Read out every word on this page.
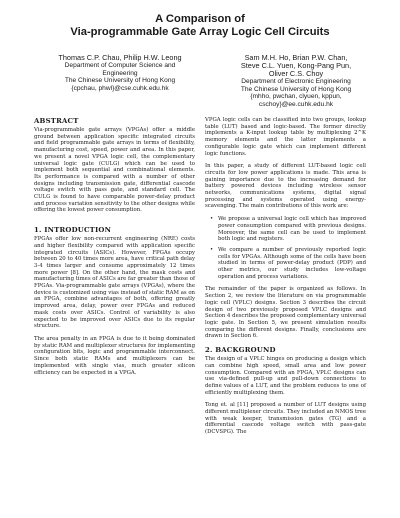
A Comparison of
Via-programmable Gate Array Logic Cell Circuits
Thomas C.P. Chau, Philip H.W. Leong
Department of Computer Science and
Engineering
The Chinese University of Hong Kong
{cpchau, phwl}@cse.cuhk.edu.hk
Sam M.H. Ho, Brian P.W. Chan,
Steve C.L. Yuen, Kong-Pang Pun,
Oliver C.S. Choy
Department of Electronic Engineering
The Chinese University of Hong Kong
{mhho, pwchan, clyuen, kppun,
cschoy}@ee.cuhk.edu.hk
ABSTRACT

Via-programmable gate arrays (VPGAs) offer a middle ground between application specific integrated circuits and field programmable gate arrays in terms of flexibility, manufacturing cost, speed, power and area. In this paper, we present a novel VPGA logic cell, the complementary universal logic gate (CULG) which can be used to implement both sequential and combinational elements. Its performance is compared with a number of other designs including transmission gate, differential cascode voltage switch with pass gate, and standard cell. The CULG is found to have comparable power-delay product and process variation sensitivity to the other designs while offering the lowest power consumption.

1. INTRODUCTION

FPGAs offer low non-recurrent engineering (NRE) costs and higher flexibility compared with application specific integrated circuits (ASICs). However, FPGAs occupy between 20 to 40 times more area, have critical path delay 3-4 times larger and consume approximately 12 times more power [8]. On the other hand, the mask costs and manufacturing times of ASICs are far greater than those of FPGAs. Via-programmable gate arrays (VPGAs), where the device is customized using vias instead of static RAM as on an FPGA, combine advantages of both, offering greatly improved area, delay, power over FPGAs and reduced mask costs over ASICs. Control of variability is also expected to be improved over ASICs due to its regular structure.

The area penalty in an FPGA is due to it being dominated by static RAM and multiplexer structures for implementing configuration bits, logic and programmable interconnect. Since both static RAMs and multiplexers can be implemented with single vias, much greater silicon efficiency can be expected in a VPGA.

VPGA logic cells can be classified into two groups, lookup table (LUT) based and logic-based. The former directly implements a K-input lookup table by multiplexing 2^K memory elements and the latter implements a configurable logic gate which can implement different logic functions.

In this paper, a study of different LUT-based logic cell circuits for low power applications is made. This area is gaining importance due to the increasing demand for battery powered devices including wireless sensor networks, communications systems, digital signal processing and systems operated using energy-scavenging. The main contributions of this work are:

• We propose a universal logic cell which has improved power consumption compared with previous designs. Moreover, the same cell can be used to implement both logic and registers.
• We compare a number of previously reported logic cells for VPGAs. Although some of the cells have been studied in terms of power-delay product (PDP) and other metrics, our study includes low-voltage operation and process variations.

The remainder of the paper is organized as follows. In Section 2, we review the literature on via programmable logic cell (VPLC) designs. Section 3 describes the circuit design of two previously proposed VPLC designs and Section 4 describes the proposed complementary universal logic gate. In Section 5, we present simulation results comparing the different designs. Finally, conclusions are drawn in Section 6.

2. BACKGROUND

The design of a VPLC hinges on producing a design which can combine high speed, small area and low power consumption. Compared with an FPGA, VPLC designs can use via-defined pull-up and pull-down connections to define values of a LUT, and the problem reduces to one of efficiently multiplexing them.

Tong et. al [11] proposed a number of LUT designs using different multiplexer circuits. They included an NMOS tree with weak keeper, transmission gates (TG) and a differential cascode voltage switch with pass-gate (DCVSPG). The
